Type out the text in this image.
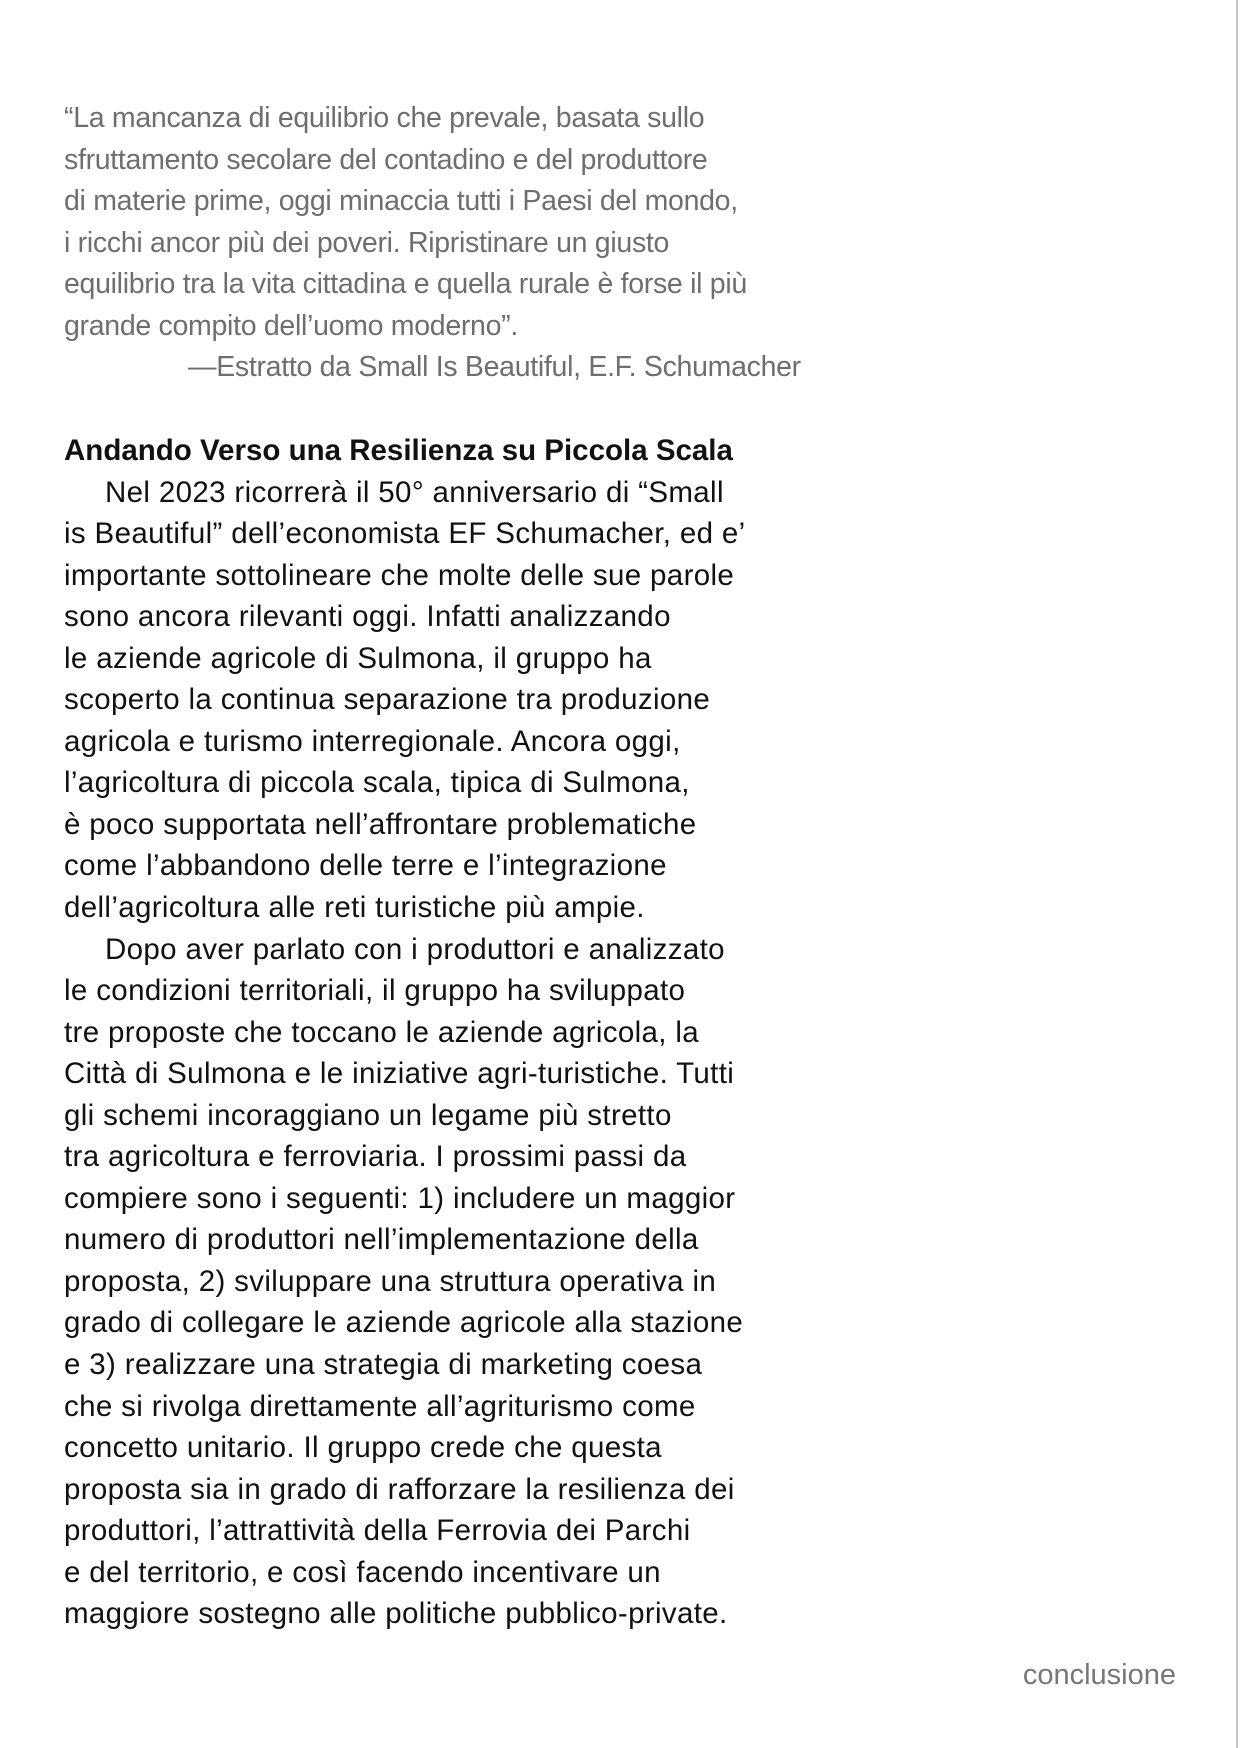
“La mancanza di equilibrio che prevale, basata sullo
sfruttamento secolare del contadino e del produttore
di materie prime, oggi minaccia tutti i Paesi del mondo,
i ricchi ancor più dei poveri. Ripristinare un giusto
equilibrio tra la vita cittadina e quella rurale è forse il più
grande compito dell’uomo moderno”.
—Estratto da Small Is Beautiful, E.F. Schumacher
Andando Verso una Resilienza su Piccola Scala
Nel 2023 ricorrerà il 50° anniversario di “Small
is Beautiful” dell’economista EF Schumacher, ed e’
importante sottolineare che molte delle sue parole
sono ancora rilevanti oggi. Infatti analizzando
le aziende agricole di Sulmona, il gruppo ha
scoperto la continua separazione tra produzione
agricola e turismo interregionale. Ancora oggi,
l’agricoltura di piccola scala, tipica di Sulmona,
è poco supportata nell’affrontare problematiche
come l’abbandono delle terre e l’integrazione
dell’agricoltura alle reti turistiche più ampie.
Dopo aver parlato con i produttori e analizzato
le condizioni territoriali, il gruppo ha sviluppato
tre proposte che toccano le aziende agricola, la
Città di Sulmona e le iniziative agri-turistiche. Tutti
gli schemi incoraggiano un legame più stretto
tra agricoltura e ferroviaria. I prossimi passi da
compiere sono i seguenti: 1) includere un maggior
numero di produttori nell’implementazione della
proposta, 2) sviluppare una struttura operativa in
grado di collegare le aziende agricole alla stazione
e 3) realizzare una strategia di marketing coesa
che si rivolga direttamente all’agriturismo come
concetto unitario. Il gruppo crede che questa
proposta sia in grado di rafforzare la resilienza dei
produttori, l’attrattività della Ferrovia dei Parchi
e del territorio, e così facendo incentivare un
maggiore sostegno alle politiche pubblico-private.
conclusione
